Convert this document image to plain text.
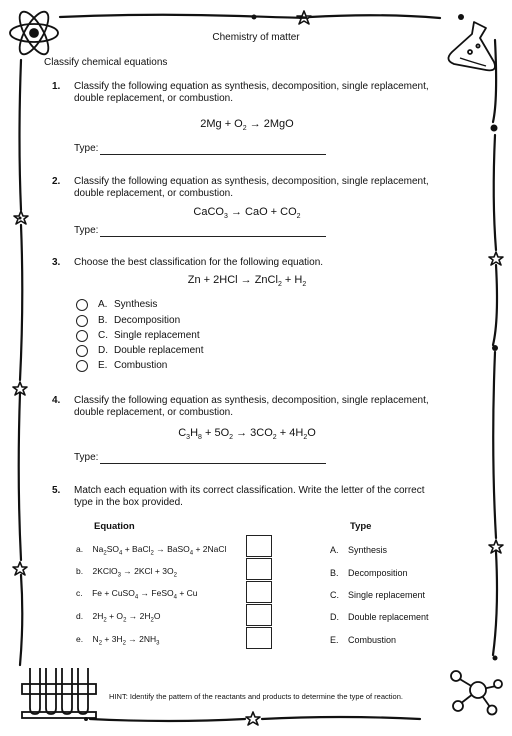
Chemistry of matter
Classify chemical equations
1. Classify the following equation as synthesis, decomposition, single replacement, double replacement, or combustion.
$2Mg + O_2 \to 2MgO$
Type:
2. Classify the following equation as synthesis, decomposition, single replacement, double replacement, or combustion.
CaCO$_3$ → CaO + $CO_2$
Type:
3. Choose the best classification for the following equation.
Zn + 2HCl → ZnCl$_2$ + $H_2$
A. Synthesis
B. Decomposition
C. Single replacement
D. Double replacement
E. Combustion
4. Classify the following equation as synthesis, decomposition, single replacement, double replacement, or combustion.
$C_3H_8 + 5O_2 \to 3CO_2 + 4H_2O$
Type:
5. Match each equation with its correct classification. Write the letter of the correct type in the box provided.
Equation	Type
a.    $Na_2SO_4$ + BaCl$_2$ → BaSO$_4$ + 2NaCl
b.    2KClO$_3$ → $2KCl + 3O_2$
c.    Fe + CuSO$_4$ → FeSO$_4$ + Cu
d.    $2H_2 + O_2 \to 2H_2O$
e.    $N_2 + 3H_2 \to 2NH_3$
A. Synthesis
B. Decomposition
C. Single replacement
D. Double replacement
E. Combustion
HINT: Identify the pattern of the reactants and products to determine the type of reaction.
